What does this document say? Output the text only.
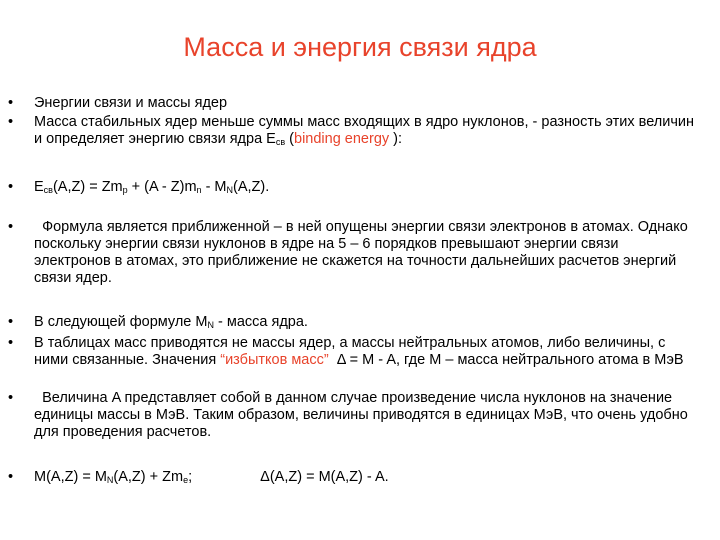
Масса и энергия связи ядра
•	Энергии связи и массы ядер
•	Масса стабильных ядер меньше суммы масс входящих в ядро нуклонов, - разность этих величин и определяет энергию связи ядра $E_{св}$ (binding energy ):
•	$E_{св}(A,Z) = Zm_p + (A - Z)m_n - M_N(A,Z)$.
•	Формула является приближенной – в ней опущены энергии связи электронов в атомах. Однако поскольку энергии связи нуклонов в ядре на 5 – 6 порядков превышают энергии связи электронов в атомах, это приближение не скажется на точности дальнейших расчетов энергий связи ядер.
•	В следующей формуле $M_N$ - масса ядра.
•	В таблицах масс приводятся не массы ядер, а массы нейтральных атомов, либо величины, с ними связанные. Значения “избытков масс”  Δ = M - A, где M – масса нейтрального атома в МэВ
•	Величина A представляет собой в данном случае произведение числа нуклонов на значение единицы массы в МэВ. Таким образом, величины приводятся в единицах МэВ, что очень удобно для проведения расчетов.
•	$M(A,Z) = M_N(A,Z) + Zm_e$;	Δ(A,Z) = M(A,Z) - A.
